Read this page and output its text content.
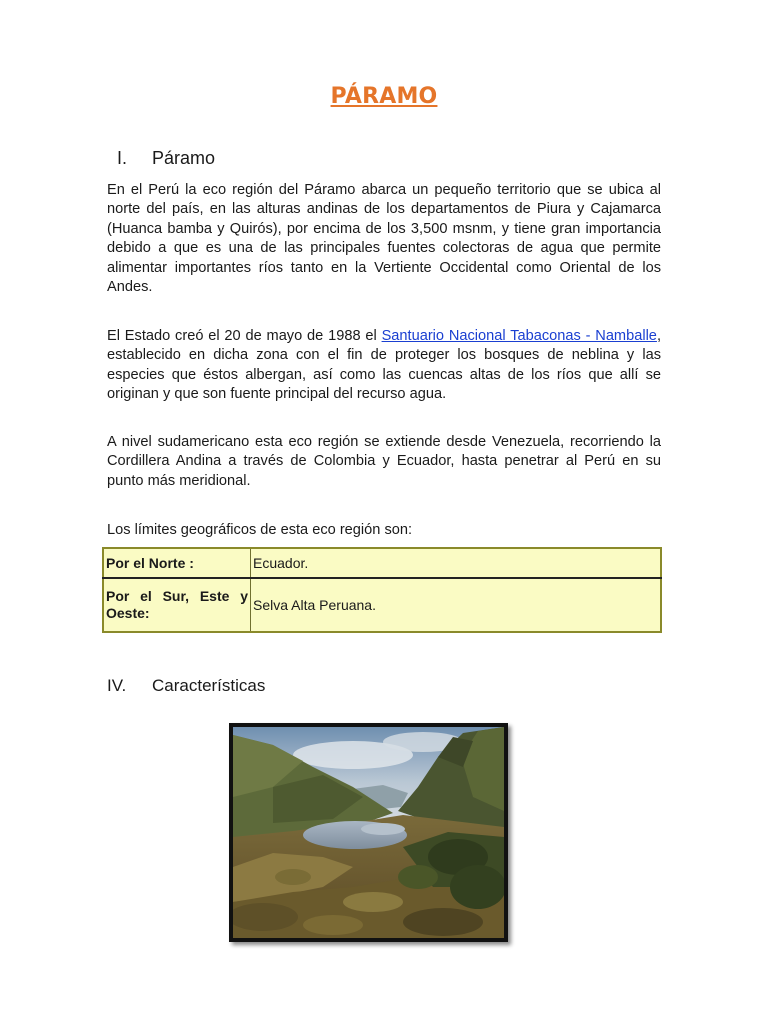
PÁRAMO
I. Páramo
En el Perú la eco región del Páramo abarca un pequeño territorio que se ubica al norte del país, en las alturas andinas de los departamentos de Piura y Cajamarca (Huanca bamba y Quirós), por encima de los 3,500 msnm, y tiene gran importancia debido a que es una de las principales fuentes colectoras de agua que permite alimentar importantes ríos tanto en la Vertiente Occidental como Oriental de los Andes.
El Estado creó el 20 de mayo de 1988 el Santuario Nacional Tabaconas - Namballe, establecido en dicha zona con el fin de proteger los bosques de neblina y las especies que éstos albergan, así como las cuencas altas de los ríos que allí se originan y que son fuente principal del recurso agua.
A nivel sudamericano esta eco región se extiende desde Venezuela, recorriendo la Cordillera Andina a través de Colombia y Ecuador, hasta penetrar al Perú en su punto más meridional.
Los límites geográficos de esta eco región son:
Por el Norte :	Ecuador.
Por el Sur, Este y Oeste:	Selva Alta Peruana.
IV. Características
